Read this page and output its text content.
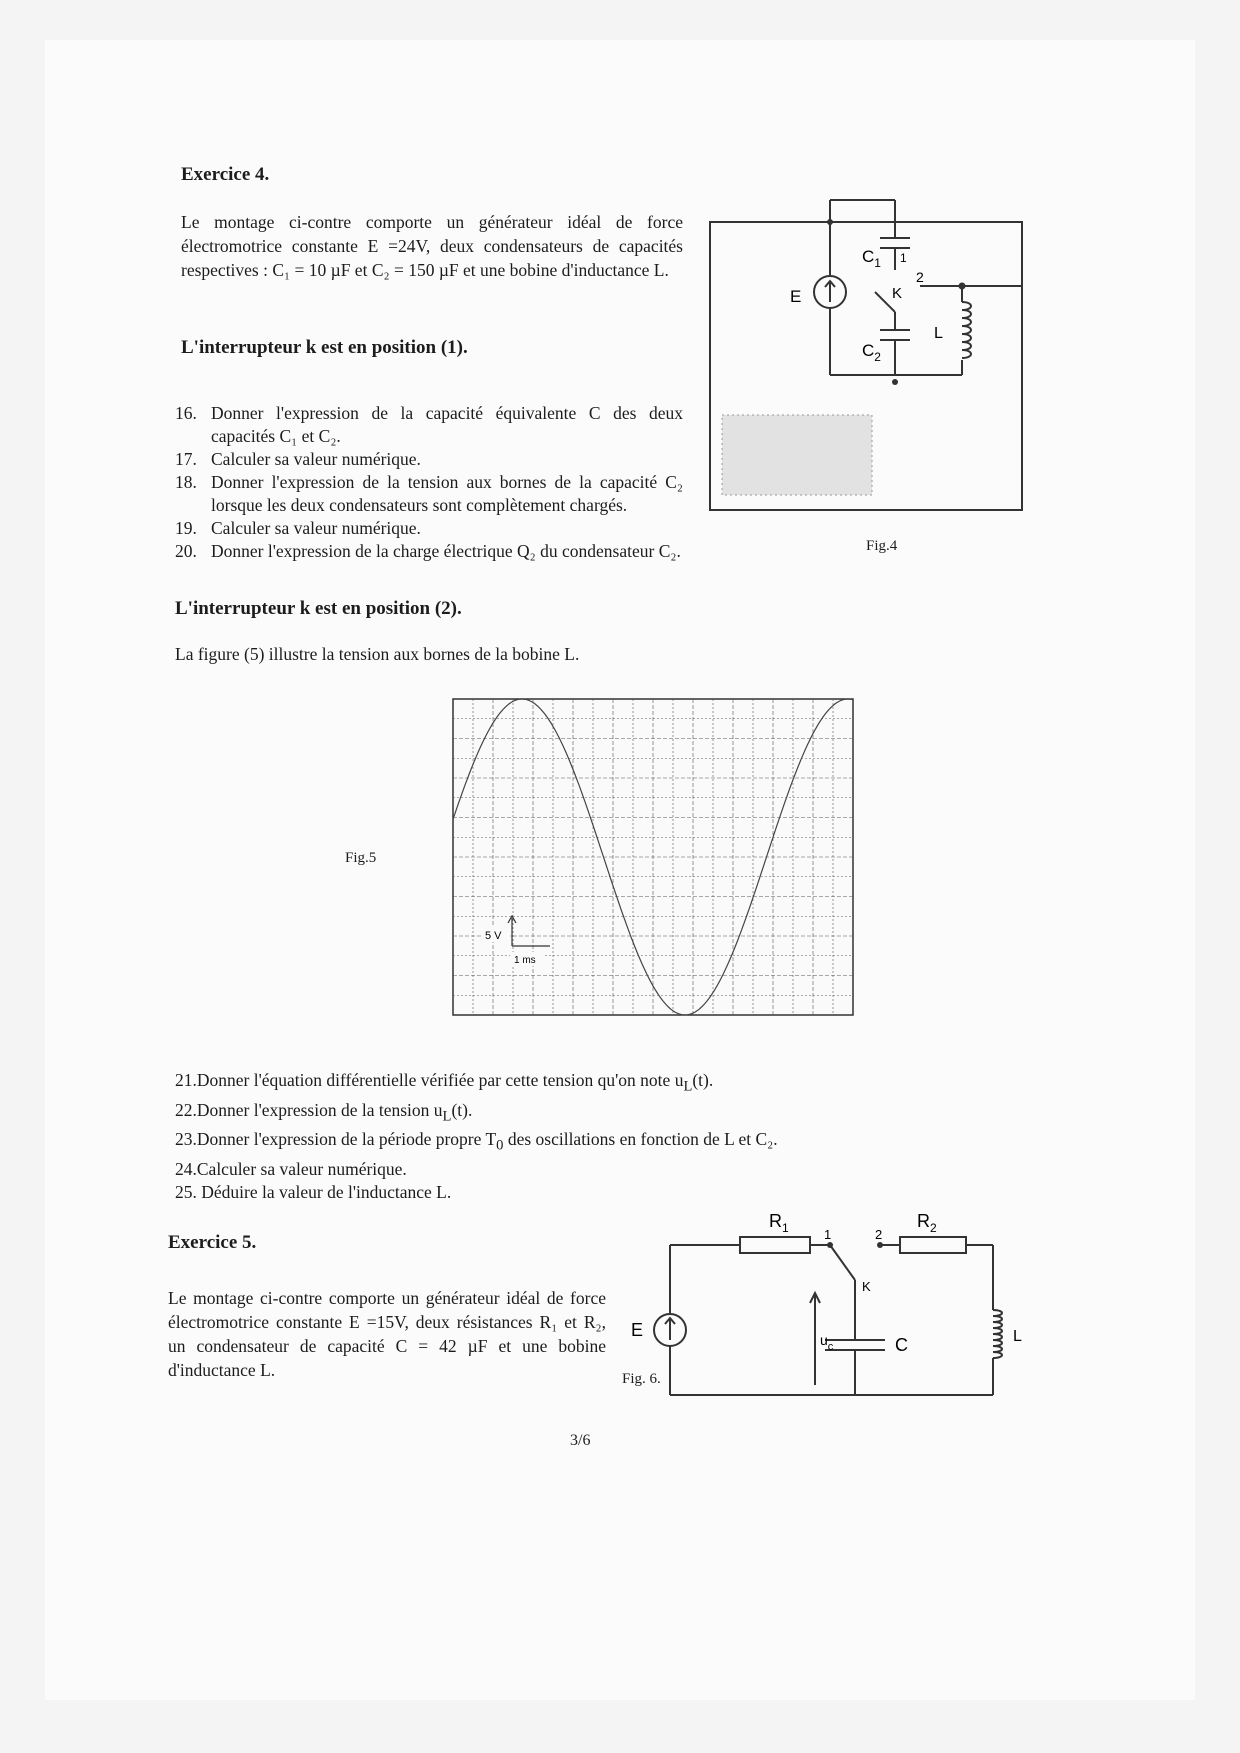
Exercice 4.
Le montage ci-contre comporte un générateur idéal de force électromotrice constante E =24V, deux condensateurs de capacités respectives : C₁ = 10 µF et C₂ = 150 µF et une bobine d'inductance L.
L'interrupteur k est en position (1).
16. Donner l'expression de la capacité équivalente C des deux capacités C₁ et C₂.
17. Calculer sa valeur numérique.
18. Donner l'expression de la tension aux bornes de la capacité C₂ lorsque les deux condensateurs sont complètement chargés.
19. Calculer sa valeur numérique.
20. Donner l'expression de la charge électrique Q₂ du condensateur C₂.
E
$C_1$ 1
2
K
$C_2$
L
Fig.4
L'interrupteur k est en position (2).
La figure (5) illustre la tension aux bornes de la bobine L.
5 V
1 ms
Fig.5
21.Donner l'équation différentielle vérifiée par cette tension qu'on note $u_L(t)$.
22.Donner l'expression de la tension $u_L(t)$.
23.Donner l'expression de la période propre $T_0$ des oscillations en fonction de L et C₂.
24.Calculer sa valeur numérique.
25. Déduire la valeur de l'inductance L.
Exercice 5.
Le montage ci-contre comporte un générateur idéal de force électromotrice constante E =15V, deux résistances R₁ et R₂, un condensateur de capacité C = 42 µF et une bobine d'inductance L.
$R_1$	$R_2$
1	2
K
E	$u_c$	C	L
Fig. 6.
3/6
